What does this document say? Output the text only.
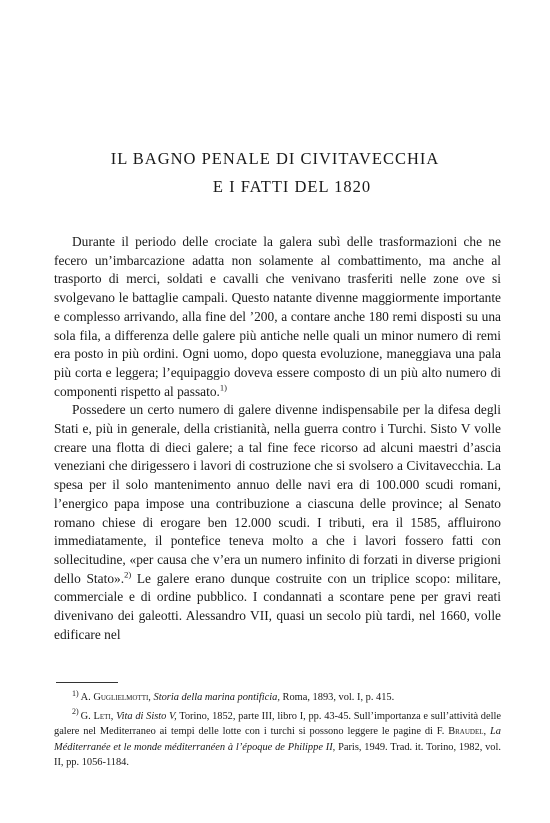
IL BAGNO PENALE DI CIVITAVECCHIA
E I FATTI DEL 1820

Durante il periodo delle crociate la galera subì delle trasformazioni che ne fecero un’imbarcazione adatta non solamente al combattimento, ma anche al trasporto di merci, soldati e cavalli che venivano trasferiti nelle zone ove si svolgevano le battaglie campali. Questo natante divenne maggiormente importante e complesso arrivando, alla fine del ’200, a contare anche 180 remi disposti su una sola fila, a differenza delle galere più antiche nelle quali un minor numero di remi era posto in più ordini. Ogni uomo, dopo questa evoluzione, maneggiava una pala più corta e leggera; l’equipaggio doveva essere composto di un più alto numero di componenti rispetto al passato.$^{1)}$

Possedere un certo numero di galere divenne indispensabile per la difesa degli Stati e, più in generale, della cristianità, nella guerra contro i Turchi. Sisto V volle creare una flotta di dieci galere; a tal fine fece ricorso ad alcuni maestri d’ascia veneziani che dirigessero i lavori di costruzione che si svolsero a Civitavecchia. La spesa per il solo mantenimento annuo delle navi era di 100.000 scudi romani, l’energico papa impose una contribuzione a ciascuna delle province; al Senato romano chiese di erogare ben 12.000 scudi. I tributi, era il 1585, affluirono immediatamente, il pontefice teneva molto a che i lavori fossero fatti con sollecitudine, «per causa che v’era un numero infinito di forzati in diverse prigioni dello Stato».$^{2)}$ Le galere erano dunque costruite con un triplice scopo: militare, commerciale e di ordine pubblico. I condannati a scontare pene per gravi reati divenivano dei galeotti. Alessandro VII, quasi un secolo più tardi, nel 1660, volle edificare nel

$^{1)}$ A. Guglielmotti, Storia della marina pontificia, Roma, 1893, vol. I, p. 415.

$^{2)}$ G. Leti, Vita di Sisto V, Torino, 1852, parte III, libro I, pp. 43-45. Sull’importanza e sull’attività delle galere nel Mediterraneo ai tempi delle lotte con i turchi si possono leggere le pagine di F. Braudel, La Méditerranée et le monde méditerranéen à l’époque de Philippe II, Paris, 1949. Trad. it. Torino, 1982, vol. II, pp. 1056-1184.
